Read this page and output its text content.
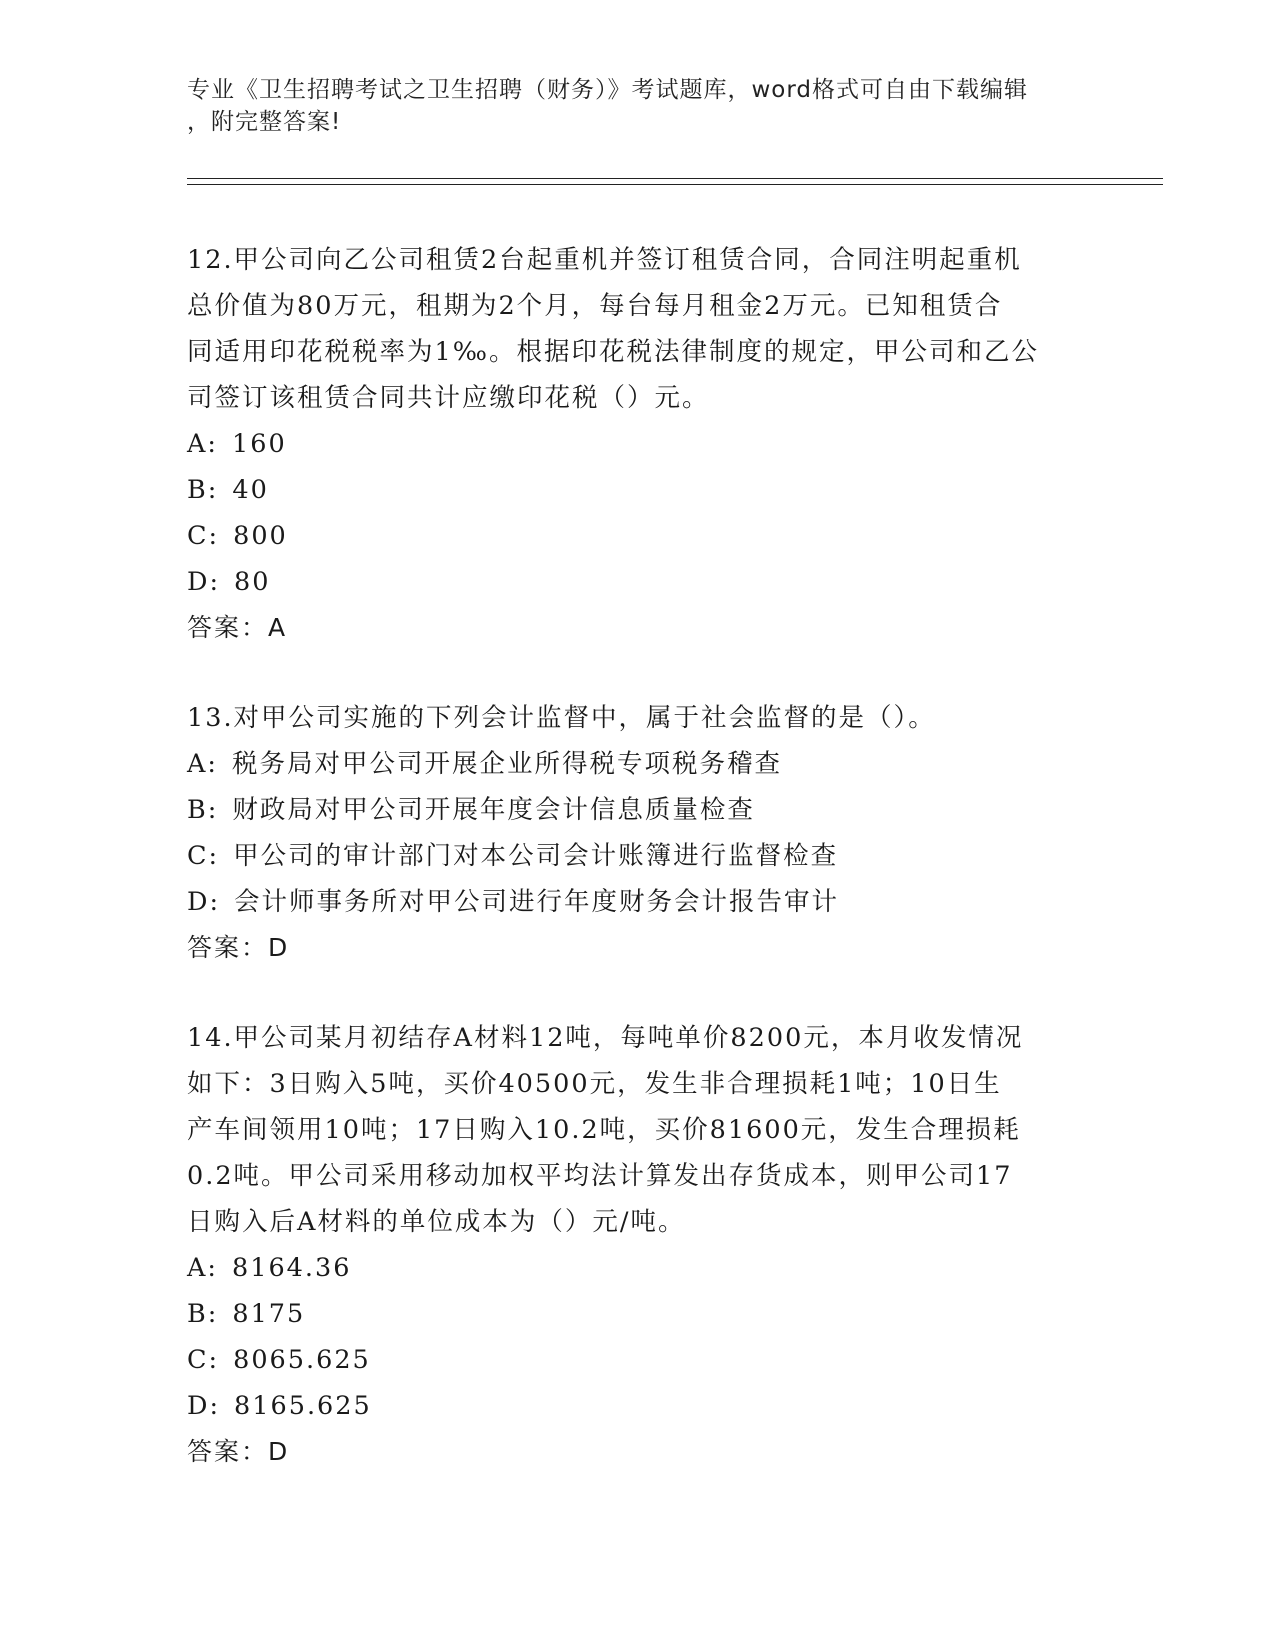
专业《卫生招聘考试之卫生招聘（财务）》考试题库，word格式可自由下载编辑
，附完整答案!

12.甲公司向乙公司租赁2台起重机并签订租赁合同，合同注明起重机

总价值为80万元，租期为2个月，每台每月租金2万元。已知租赁合

同适用印花税税率为1‰。根据印花税法律制度的规定，甲公司和乙公

司签订该租赁合同共计应缴印花税（）元。

A: 160

B: 40

C: 800

D: 80

答案：A

13.对甲公司实施的下列会计监督中，属于社会监督的是（）。

A: 税务局对甲公司开展企业所得税专项税务稽查

B: 财政局对甲公司开展年度会计信息质量检查

C: 甲公司的审计部门对本公司会计账簿进行监督检查

D: 会计师事务所对甲公司进行年度财务会计报告审计

答案：D

14.甲公司某月初结存A材料12吨，每吨单价8200元，本月收发情况

如下：3日购入5吨，买价40500元，发生非合理损耗1吨；10日生

产车间领用10吨；17日购入10.2吨，买价81600元，发生合理损耗

0.2吨。甲公司采用移动加权平均法计算发出存货成本，则甲公司17

日购入后A材料的单位成本为（）元/吨。

A: 8164.36

B: 8175

C: 8065.625

D: 8165.625

答案：D
